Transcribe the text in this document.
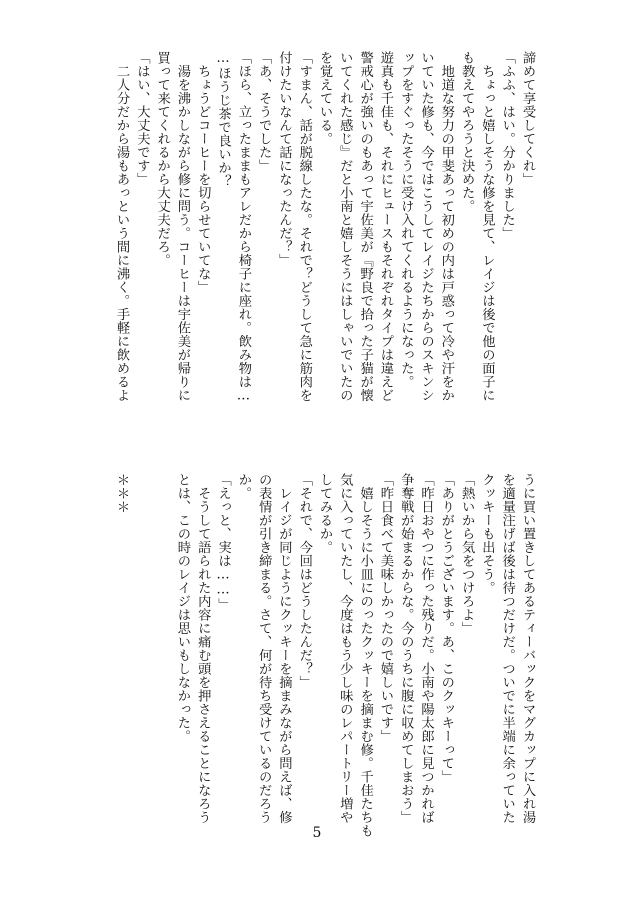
諦めて享受してくれ」
「ふふ、はい。分かりました」
　ちょっと嬉しそうな修を見て、レイジは後で他の面子に
も教えてやろうと決めた。
　地道な努力の甲斐あって初めの内は戸惑って冷や汗をか
いていた修も、今ではこうしてレイジたちからのスキンシ
ップをすぐったそうに受け入れてくれるようになった。
遊真も千佳も、それにヒュースもそれぞれタイプは違えど
警戒心が強いのもあって宇佐美が『野良で拾った子猫が懐
いてくれた感じ』だと小南と嬉しそうにはしゃいでいたの
を覚えている。
「すまん、話が脱線したな。それで？どうして急に筋肉を
付けたいなんて話になったんだ？」
「あ、そうでした」
「ほら、立ったままもアレだから椅子に座れ。飲み物は…
…ほうじ茶で良いか？
　ちょうどコーヒーを切らせていてな」
　湯を沸かしながら修に問う。コーヒーは宇佐美が帰りに
買って来てくれるから大丈夫だろ。
「はい、大丈夫です」
　二人分だから湯もあっという間に沸く。手軽に飲めるよ
うに買い置きしてあるティーバックをマグカップに入れ湯
を適量注げば後は待つだけだ。ついでに半端に余っていた
クッキーも出そう。
「熱いから気をつけろよ」
「ありがとうございます。あ、このクッキーって」
「昨日おやつに作った残りだ。小南や陽太郎に見つかれば
争奪戦が始まるからな。今のうちに腹に収めてしまおう」
「昨日食べて美味しかったので嬉しいです」
　嬉しそうに小皿にのったクッキーを摘まむ修。千佳たちも
気に入っていたし、今度はもう少し味のレパートリー増や
してみるか。
「それで、今回はどうしたんだ？」
　レイジが同じようにクッキーを摘まみながら問えば、修
の表情が引き締まる。さて、何が待ち受けているのだろう
か。
「えっと、実は……」
　そうして語られた内容に痛む頭を押さえることになろう
とは、この時のレイジは思いもしなかった。
＊＊＊
5
